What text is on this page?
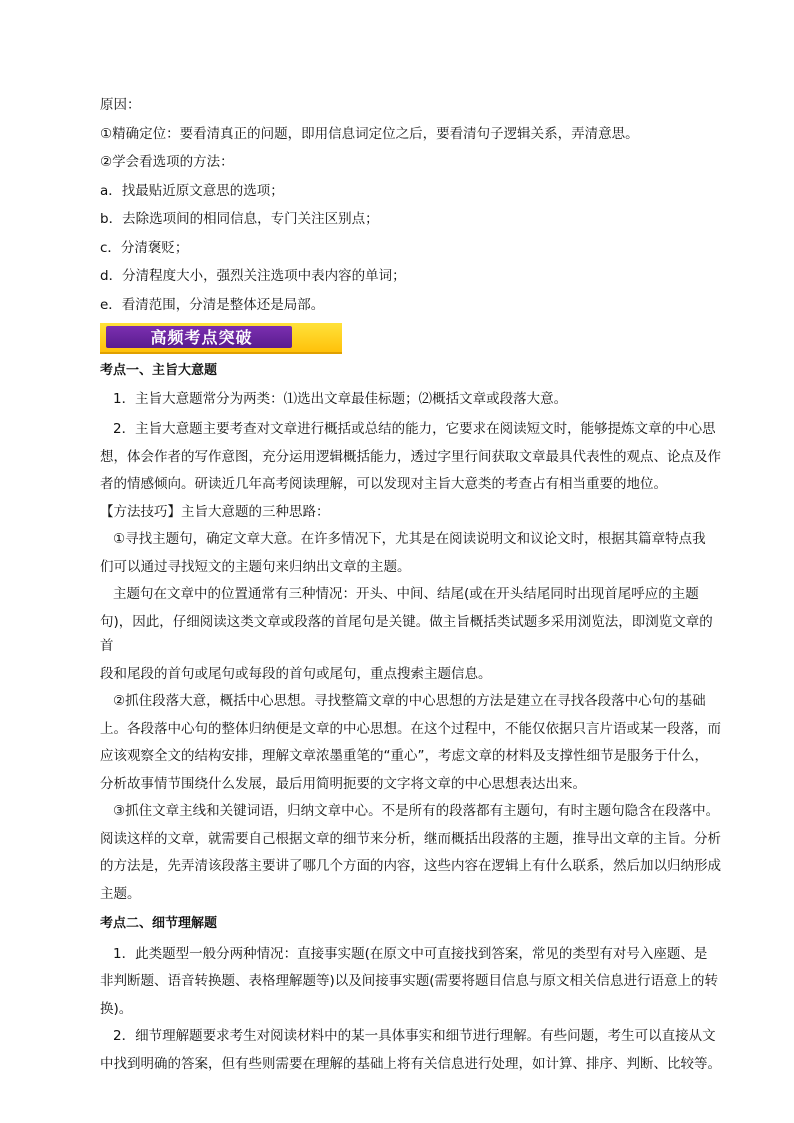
原因：
①精确定位：要看清真正的问题，即用信息词定位之后，要看清句子逻辑关系，弄清意思。
②学会看选项的方法：
a．找最贴近原文意思的选项；
b．去除选项间的相同信息，专门关注区别点；
c．分清褒贬；
d．分清程度大小，强烈关注选项中表内容的单词；
e．看清范围，分清是整体还是局部。
高频考点突破
考点一、主旨大意题
1．主旨大意题常分为两类：⑴选出文章最佳标题；⑵概括文章或段落大意。
2．主旨大意题主要考查对文章进行概括或总结的能力，它要求在阅读短文时，能够提炼文章的中心思
想，体会作者的写作意图，充分运用逻辑概括能力，透过字里行间获取文章最具代表性的观点、论点及作
者的情感倾向。研读近几年高考阅读理解，可以发现对主旨大意类的考查占有相当重要的地位。
【方法技巧】主旨大意题的三种思路：
①寻找主题句，确定文章大意。在许多情况下，尤其是在阅读说明文和议论文时，根据其篇章特点我
们可以通过寻找短文的主题句来归纳出文章的主题。
主题句在文章中的位置通常有三种情况：开头、中间、结尾(或在开头结尾同时出现首尾呼应的主题
句)，因此，仔细阅读这类文章或段落的首尾句是关键。做主旨概括类试题多采用浏览法，即浏览文章的首
段和尾段的首句或尾句或每段的首句或尾句，重点搜索主题信息。
②抓住段落大意，概括中心思想。寻找整篇文章的中心思想的方法是建立在寻找各段落中心句的基础
上。各段落中心句的整体归纳便是文章的中心思想。在这个过程中，不能仅依据只言片语或某一段落，而
应该观察全文的结构安排，理解文章浓墨重笔的“重心”，考虑文章的材料及支撑性细节是服务于什么，
分析故事情节围绕什么发展，最后用简明扼要的文字将文章的中心思想表达出来。
③抓住文章主线和关键词语，归纳文章中心。不是所有的段落都有主题句，有时主题句隐含在段落中。
阅读这样的文章，就需要自己根据文章的细节来分析，继而概括出段落的主题，推导出文章的主旨。分析
的方法是，先弄清该段落主要讲了哪几个方面的内容，这些内容在逻辑上有什么联系，然后加以归纳形成
主题。
考点二、细节理解题
1．此类题型一般分两种情况：直接事实题(在原文中可直接找到答案，常见的类型有对号入座题、是
非判断题、语音转换题、表格理解题等)以及间接事实题(需要将题目信息与原文相关信息进行语意上的转
换)。
2．细节理解题要求考生对阅读材料中的某一具体事实和细节进行理解。有些问题，考生可以直接从文
中找到明确的答案，但有些则需要在理解的基础上将有关信息进行处理，如计算、排序、判断、比较等。
